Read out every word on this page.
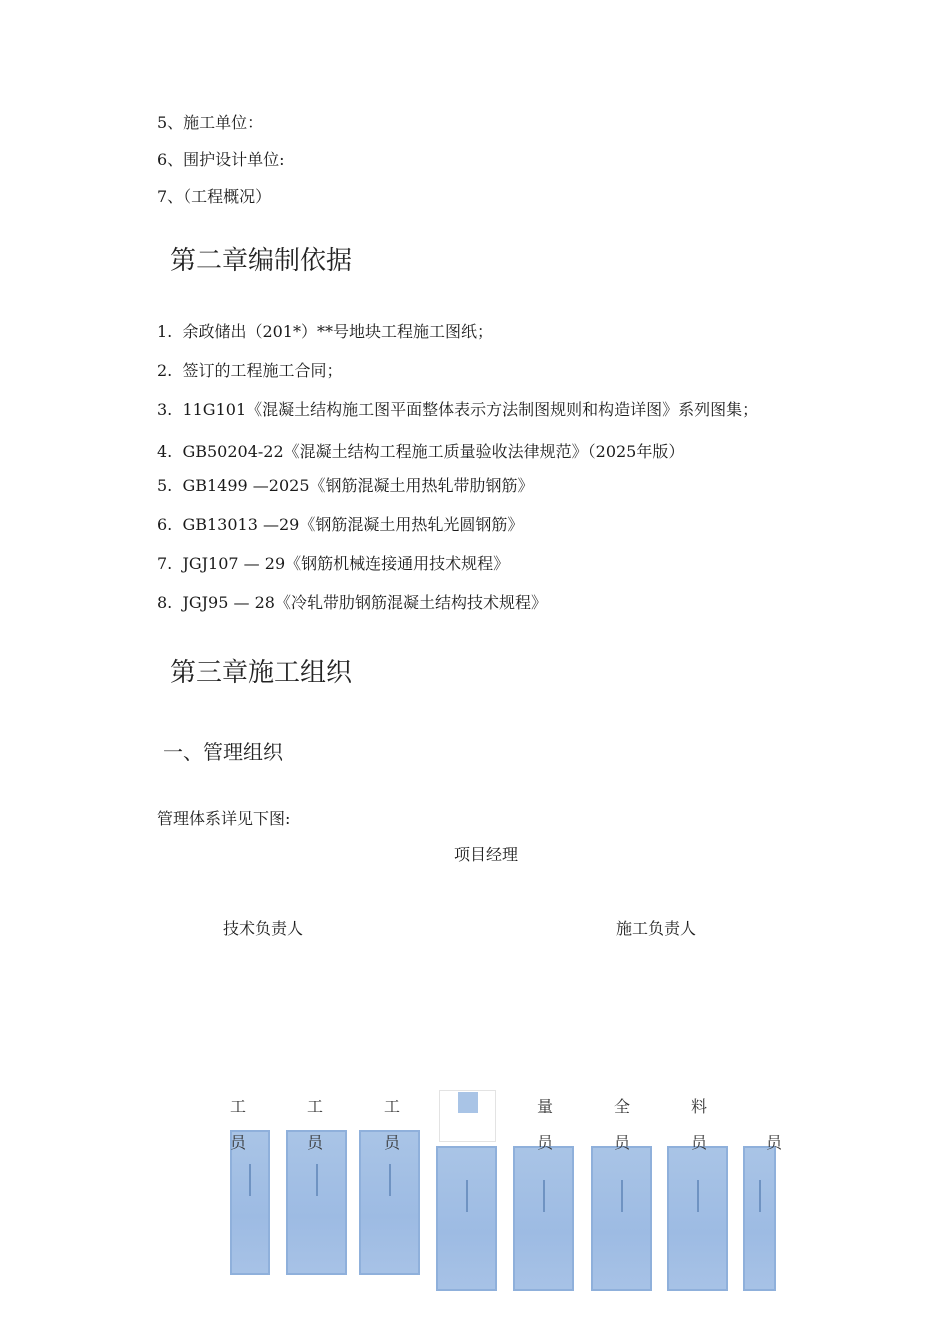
5、施工单位：
6、围护设计单位:
7、（工程概况）
第二章编制依据
1. 余政储出（201*）**号地块工程施工图纸；
2. 签订的工程施工合同；
3. 11G101《混凝土结构施工图平面整体表示方法制图规则和构造详图》系列图集；
4. GB50204-22《混凝土结构工程施工质量验收法律规范》（2025年版）
5. GB1499 —2025《钢筋混凝土用热轧带肋钢筋》
6. GB13013 —29《钢筋混凝土用热轧光圆钢筋》
7. JGJ107 — 29《钢筋机械连接通用技术规程》
8. JGJ95 — 28《冷轧带肋钢筋混凝土结构技术规程》
第三章施工组织
一、管理组织
管理体系详见下图:
项目经理
技术负责人	施工负责人
工	工	工	量	全	料
员	员	员	员	员	员	员
